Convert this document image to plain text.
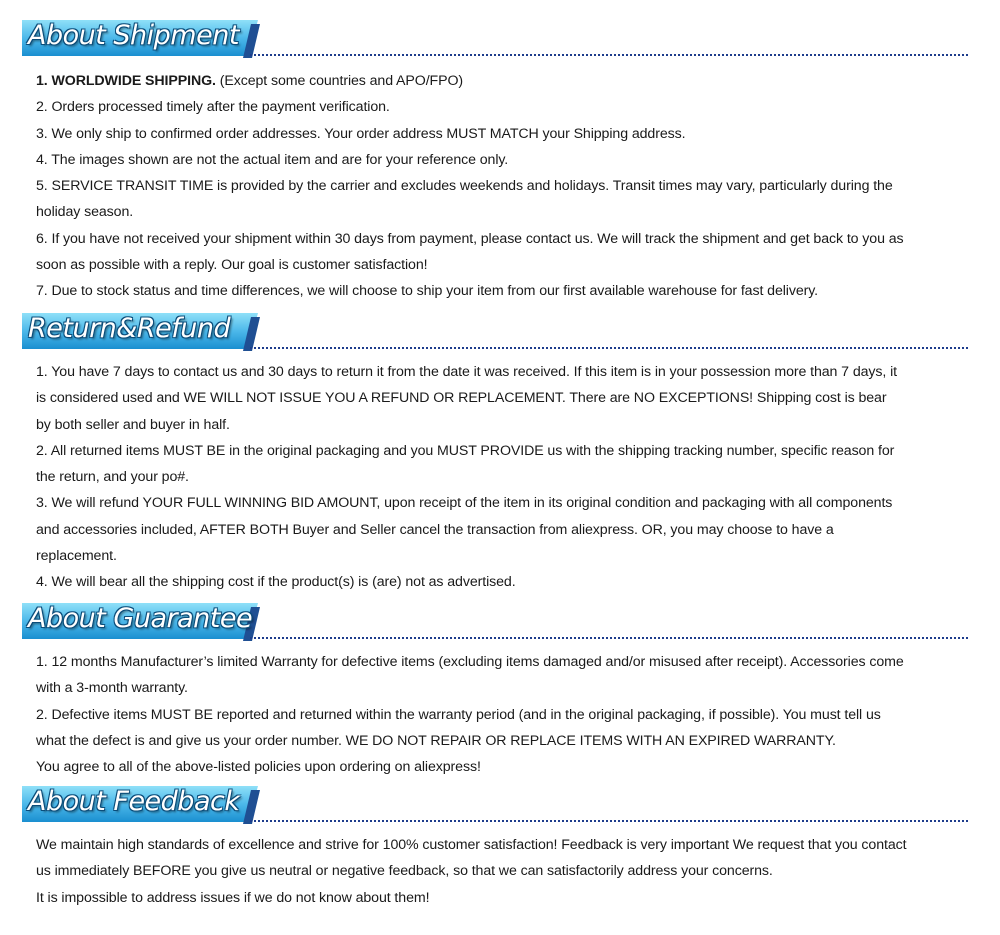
About Shipment
1. WORLDWIDE SHIPPING. (Except some countries and APO/FPO)
2. Orders processed timely after the payment verification.
3. We only ship to confirmed order addresses. Your order address MUST MATCH your Shipping address.
4. The images shown are not the actual item and are for your reference only.
5. SERVICE TRANSIT TIME is provided by the carrier and excludes weekends and holidays. Transit times may vary, particularly during the
holiday season.
6. If you have not received your shipment within 30 days from payment, please contact us. We will track the shipment and get back to you as
soon as possible with a reply. Our goal is customer satisfaction!
7. Due to stock status and time differences, we will choose to ship your item from our first available warehouse for fast delivery.
Return&Refund
1. You have 7 days to contact us and 30 days to return it from the date it was received. If this item is in your possession more than 7 days, it
is considered used and WE WILL NOT ISSUE YOU A REFUND OR REPLACEMENT. There are NO EXCEPTIONS! Shipping cost is bear
by both seller and buyer in half.
2. All returned items MUST BE in the original packaging and you MUST PROVIDE us with the shipping tracking number, specific reason for
the return, and your po#.
3. We will refund YOUR FULL WINNING BID AMOUNT, upon receipt of the item in its original condition and packaging with all components
and accessories included, AFTER BOTH Buyer and Seller cancel the transaction from aliexpress. OR, you may choose to have a
replacement.
4. We will bear all the shipping cost if the product(s) is (are) not as advertised.
About Guarantee
1. 12 months Manufacturer’s limited Warranty for defective items (excluding items damaged and/or misused after receipt). Accessories come
with a 3-month warranty.
2. Defective items MUST BE reported and returned within the warranty period (and in the original packaging, if possible). You must tell us
what the defect is and give us your order number. WE DO NOT REPAIR OR REPLACE ITEMS WITH AN EXPIRED WARRANTY.
You agree to all of the above-listed policies upon ordering on aliexpress!
About Feedback
We maintain high standards of excellence and strive for 100% customer satisfaction! Feedback is very important We request that you contact
us immediately BEFORE you give us neutral or negative feedback, so that we can satisfactorily address your concerns.
It is impossible to address issues if we do not know about them!
